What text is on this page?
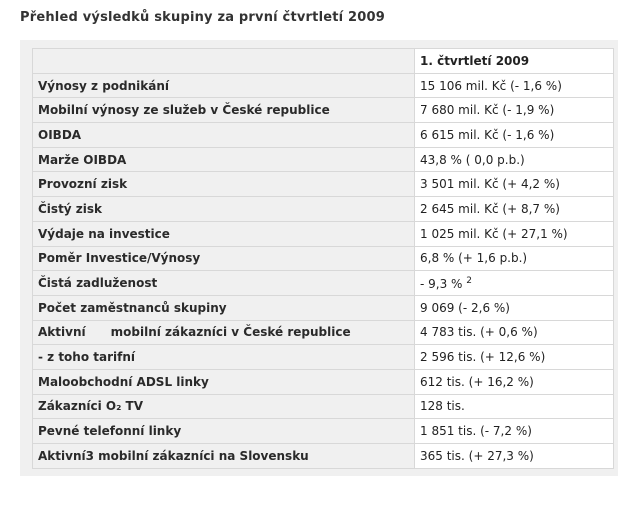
Přehled výsledků skupiny za první čtvrtletí 2009
	1. čtvrtletí 2009
Výnosy z podnikání	15 106 mil. Kč (- 1,6 %)
Mobilní výnosy ze služeb v České republice	7 680 mil. Kč (- 1,9 %)
OIBDA	6 615 mil. Kč (- 1,6 %)
Marže OIBDA	43,8 % ( 0,0 p.b.)
Provozní zisk	3 501 mil. Kč (+ 4,2 %)
Čistý zisk	2 645 mil. Kč (+ 8,7 %)
Výdaje na investice	1 025 mil. Kč (+ 27,1 %)
Poměr Investice/Výnosy	6,8 % (+ 1,6 p.b.)
Čistá zadluženost	- 9,3 % $^2$
Počet zaměstnanců skupiny	9 069 (- 2,6 %)
Aktivní      mobilní zákazníci v České republice	4 783 tis. (+ 0,6 %)
- z toho tarifní	2 596 tis. (+ 12,6 %)
Maloobchodní ADSL linky	612 tis. (+ 16,2 %)
Zákazníci O₂ TV	128 tis.
Pevné telefonní linky	1 851 tis. (- 7,2 %)
Aktivní3 mobilní zákazníci na Slovensku	365 tis. (+ 27,3 %)
